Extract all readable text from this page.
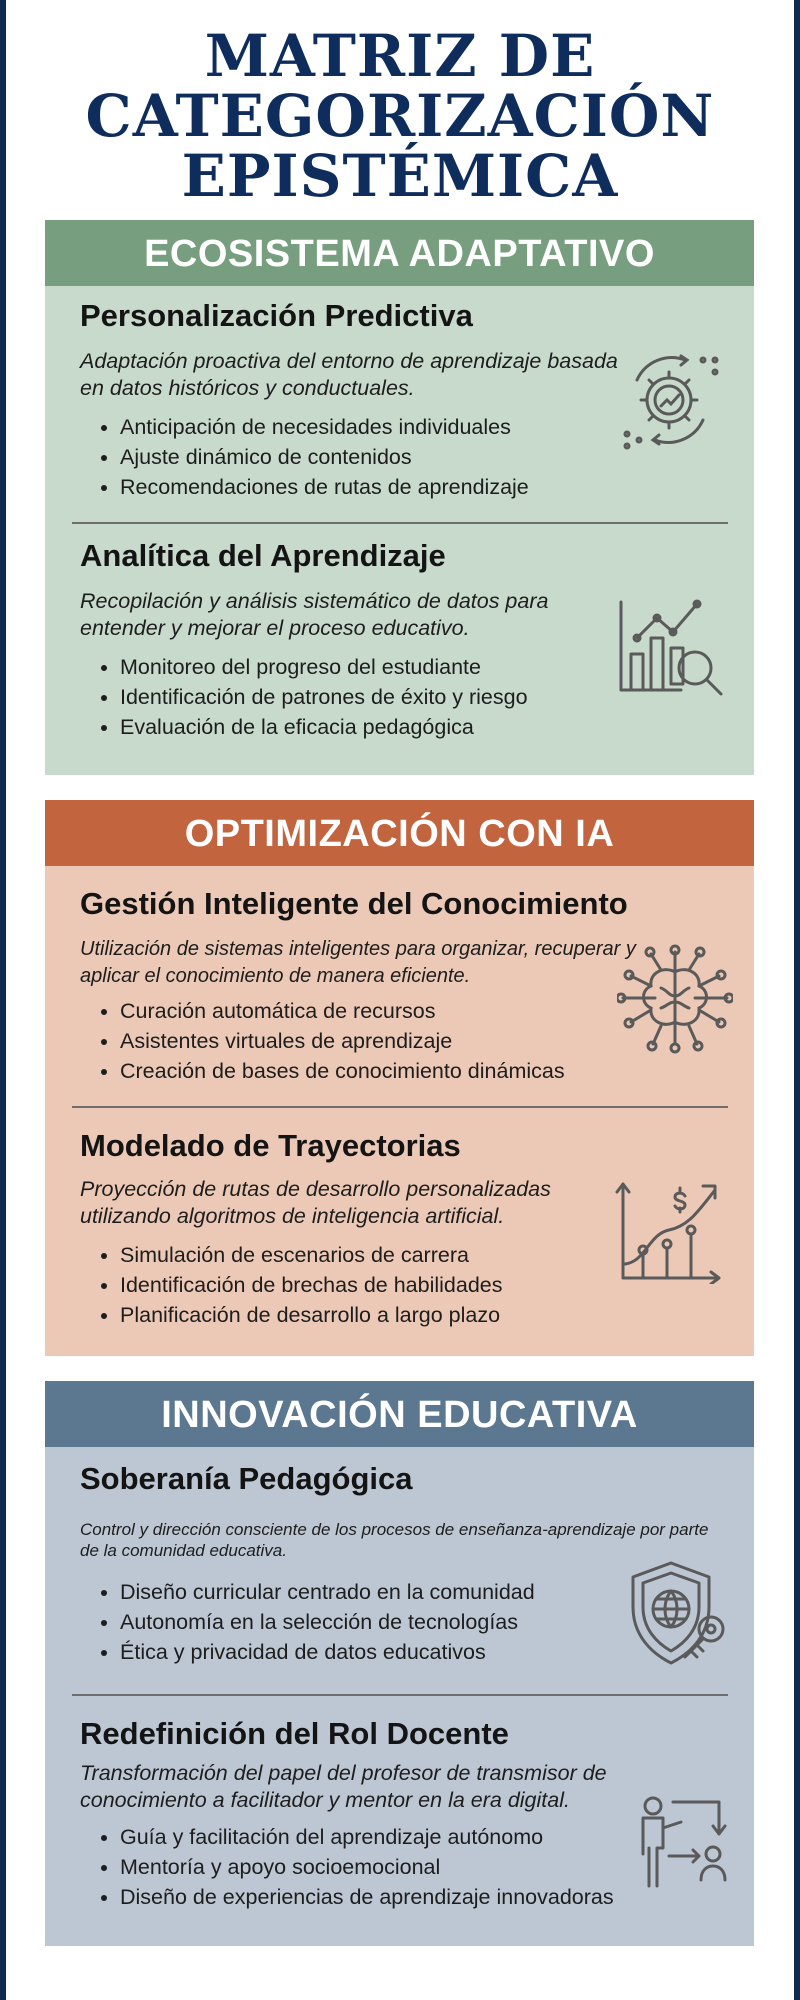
MATRIZ DE
CATEGORIZACIÓN
EPISTÉMICA
ECOSISTEMA ADAPTATIVO
Personalización Predictiva
Adaptación proactiva del entorno de aprendizaje basada en datos históricos y conductuales.
• Anticipación de necesidades individuales
• Ajuste dinámico de contenidos
• Recomendaciones de rutas de aprendizaje
Analítica del Aprendizaje
Recopilación y análisis sistemático de datos para entender y mejorar el proceso educativo.
• Monitoreo del progreso del estudiante
• Identificación de patrones de éxito y riesgo
• Evaluación de la eficacia pedagógica
OPTIMIZACIÓN CON IA
Gestión Inteligente del Conocimiento
Utilización de sistemas inteligentes para organizar, recuperar y aplicar el conocimiento de manera eficiente.
• Curación automática de recursos
• Asistentes virtuales de aprendizaje
• Creación de bases de conocimiento dinámicas
Modelado de Trayectorias
Proyección de rutas de desarrollo personalizadas utilizando algoritmos de inteligencia artificial.
• Simulación de escenarios de carrera
• Identificación de brechas de habilidades
• Planificación de desarrollo a largo plazo
INNOVACIÓN EDUCATIVA
Soberanía Pedagógica
Control y dirección consciente de los procesos de enseñanza-aprendizaje por parte de la comunidad educativa.
• Diseño curricular centrado en la comunidad
• Autonomía en la selección de tecnologías
• Ética y privacidad de datos educativos
Redefinición del Rol Docente
Transformación del papel del profesor de transmisor de conocimiento a facilitador y mentor en la era digital.
• Guía y facilitación del aprendizaje autónomo
• Mentoría y apoyo socioemocional
• Diseño de experiencias de aprendizaje innovadoras
